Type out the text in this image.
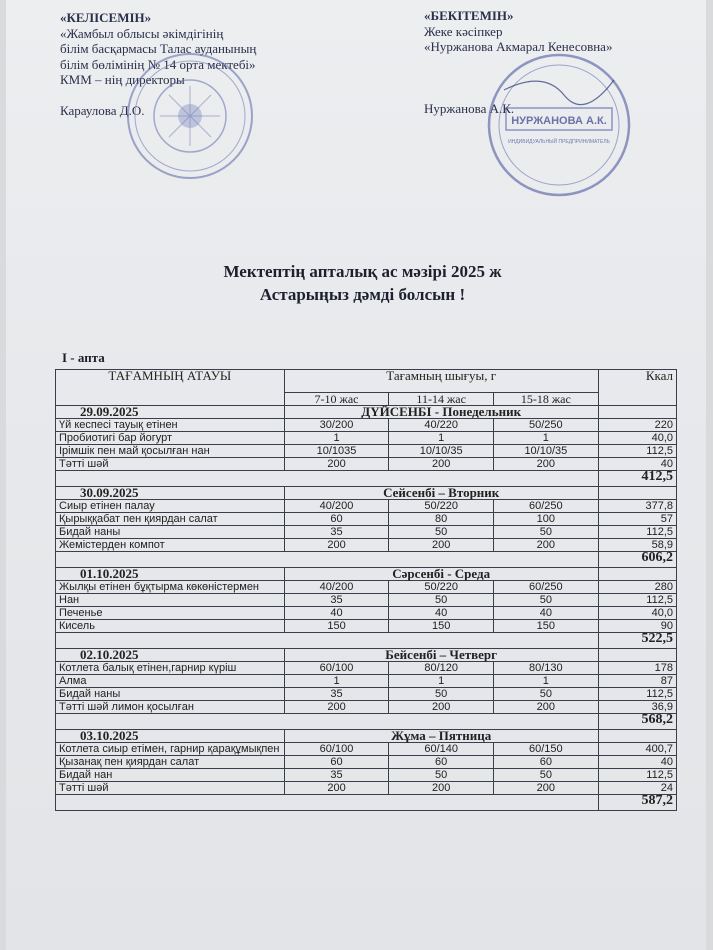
«КЕЛІСЕМІН»
«Жамбыл облысы әкімдігінің
білім басқармасы Талас ауданының
білім бөлімінің № 14 орта мектебі»
КММ – нің директоры
Караулова Д.О.
«БЕКІТЕМІН»
Жеке кәсіпкер
«Нуржанова Акмарал Кенесовна»
Нуржанова А.К.
НУРЖАНОВА А.К.
ИНДИВИДУАЛЬНЫЙ ПРЕДПРИНИМАТЕЛЬ
Мектептің апталық ас мәзірі 2025 ж
Астарыңыз дәмді болсын !
I - апта
ТАҒАМНЫҢ АТАУЫ	Тағамның шығуы, г			Ккал
	7-10 жас	11-14 жас	15-18 жас	
29.09.2025	ДҮЙСЕНБІ - Понедельник			
Үй кеспесі тауық етінен	30/200	40/220	50/250	220
Пробиотигі бар йогурт	1	1	1	40,0
Ірімшік пен май қосылған нан	10/1035	10/10/35	10/10/35	112,5
Тәтті шәй	200	200	200	40
				412,5
30.09.2025	Сейсенбі – Вторник			
Сиыр етінен палау	40/200	50/220	60/250	377,8
Қырыққабат пен қиярдан салат	60	80	100	57
Бидай наны	35	50	50	112,5
Жемістерден компот	200	200	200	58,9
				606,2
01.10.2025	Сәрсенбі - Среда			
Жылқы етінен бұқтырма көкөністермен	40/200	50/220	60/250	280
Нан	35	50	50	112,5
Печенье	40	40	40	40,0
Кисель	150	150	150	90
				522,5
02.10.2025	Бейсенбі – Четверг			
Котлета балық етінен,гарнир күріш	60/100	80/120	80/130	178
Алма	1	1	1	87
Бидай наны	35	50	50	112,5
Тәтті шәй лимон қосылған	200	200	200	36,9
				568,2
03.10.2025	Жұма – Пятница			
Котлета сиыр етімен, гарнир қарақұмықпен	60/100	60/140	60/150	400,7
Қызанақ пен қиярдан салат	60	60	60	40
Бидай нан	35	50	50	112,5
Тәтті шәй	200	200	200	24
				587,2
